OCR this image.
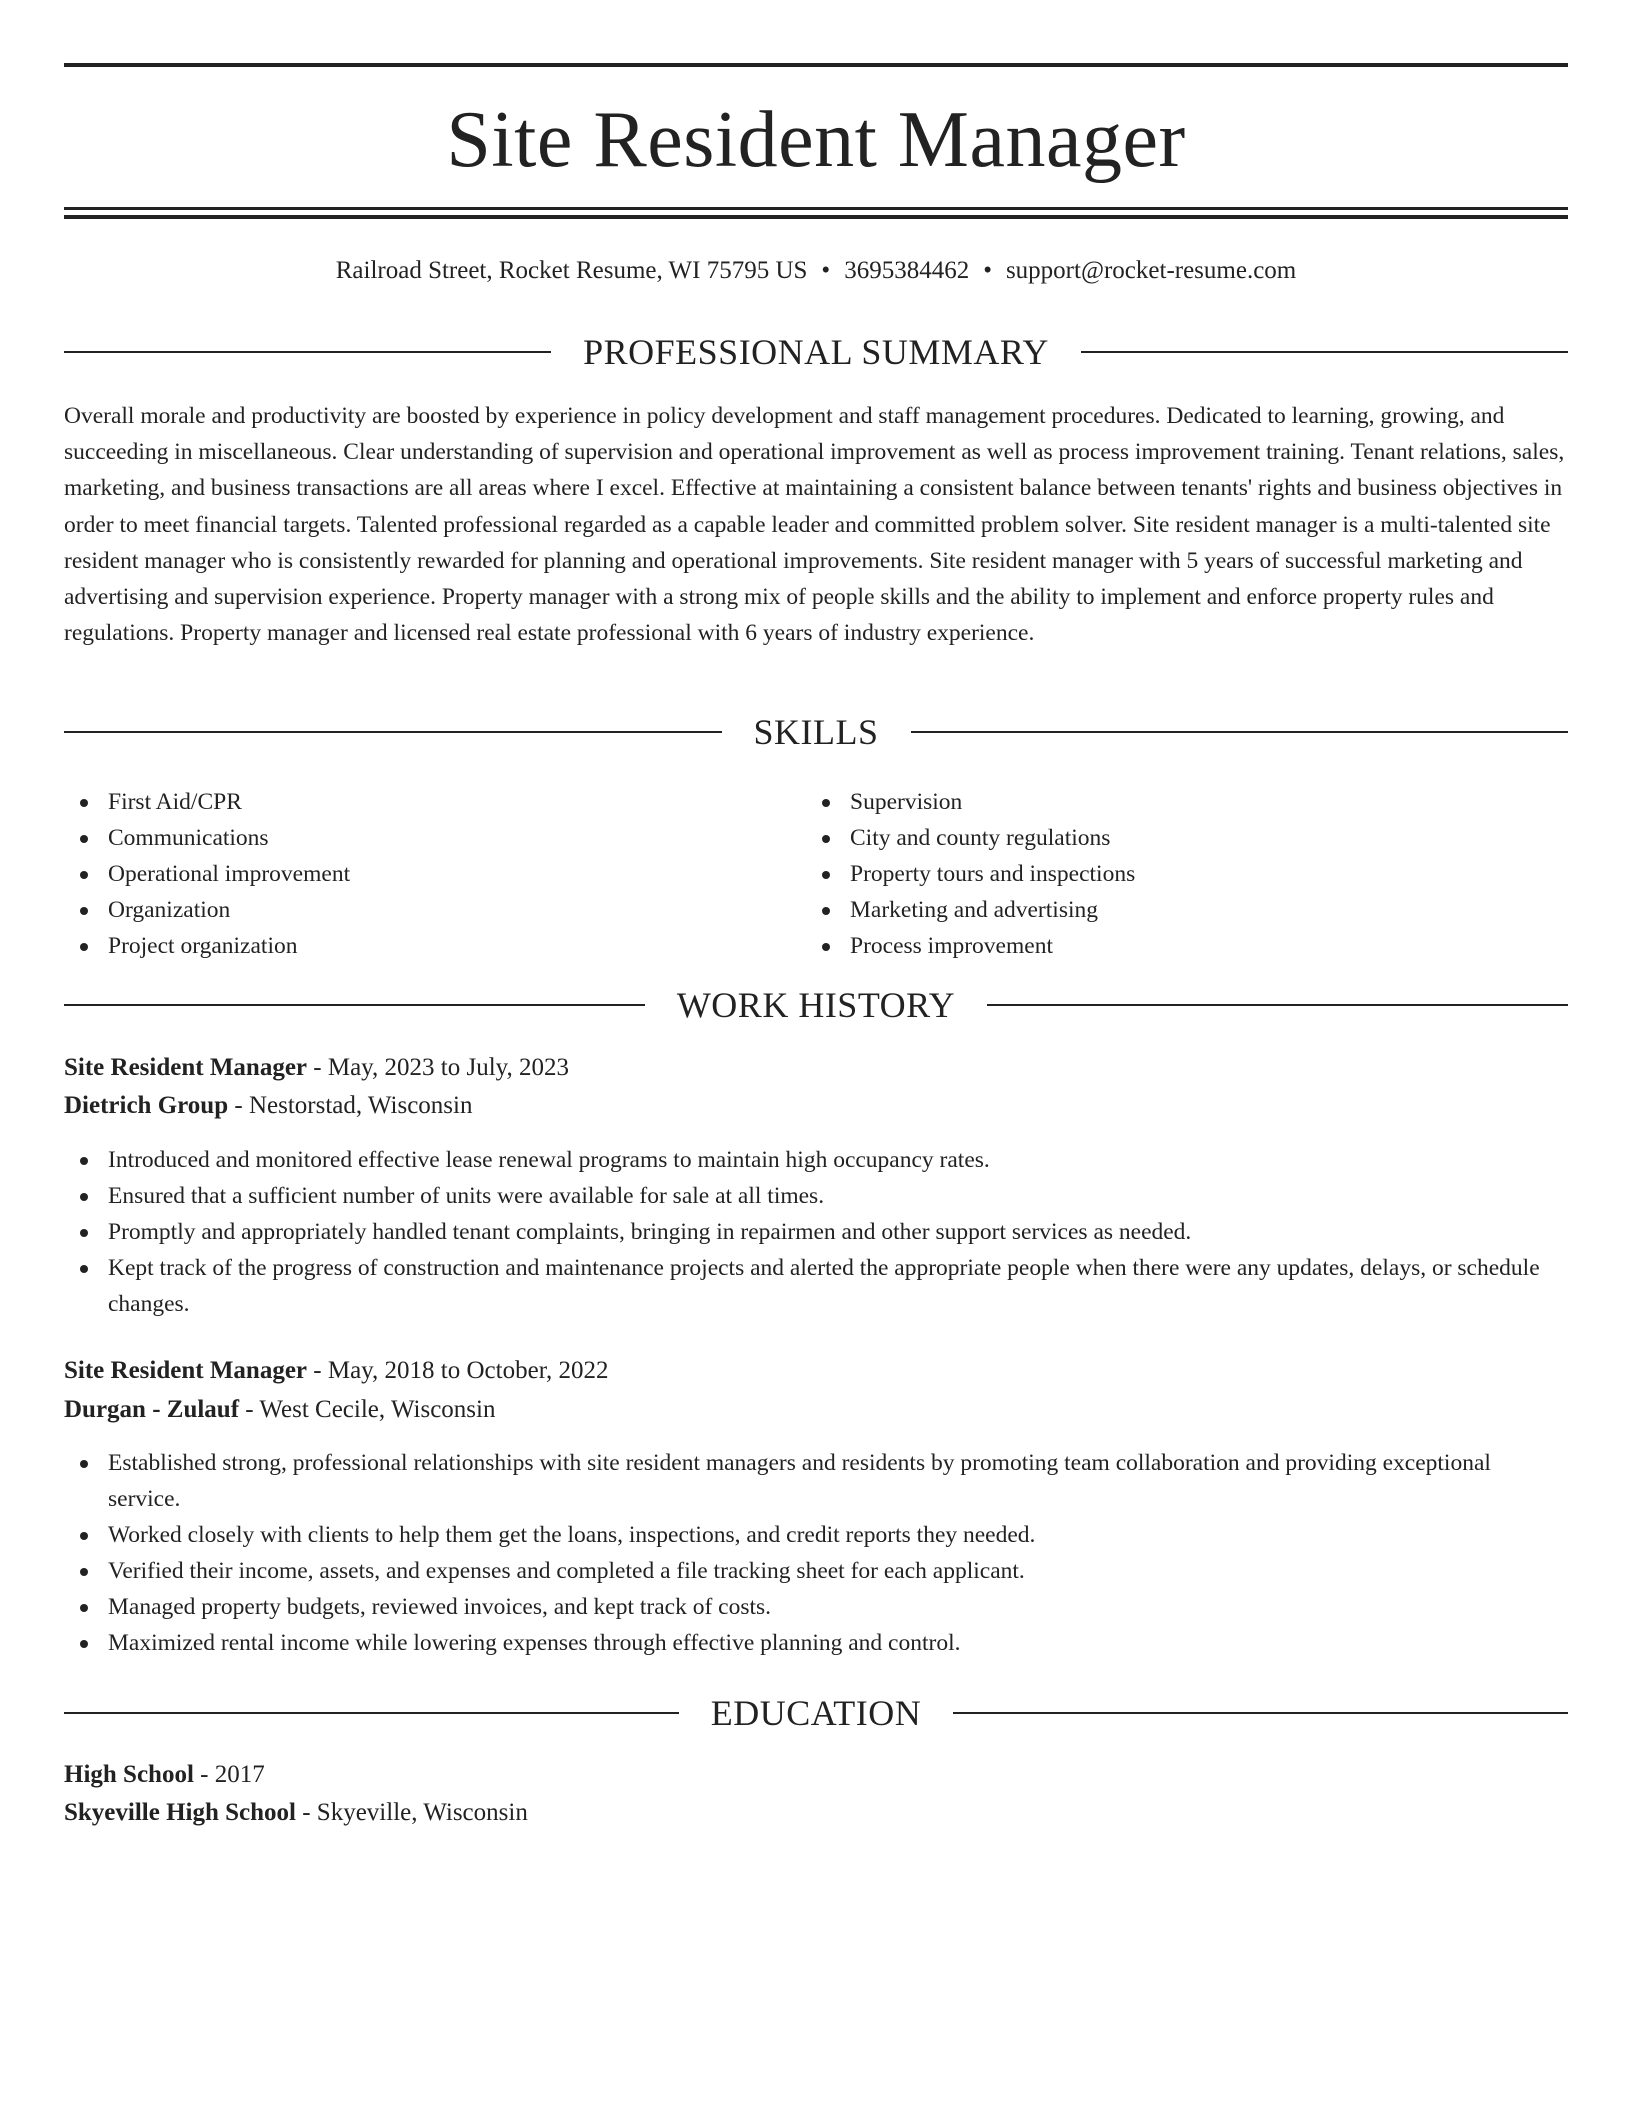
Site Resident Manager
Railroad Street, Rocket Resume, WI 75795 US • 3695384462 • support@rocket-resume.com
PROFESSIONAL SUMMARY

Overall morale and productivity are boosted by experience in policy development and staff management procedures. Dedicated to learning, growing, and succeeding in miscellaneous. Clear understanding of supervision and operational improvement as well as process improvement training. Tenant relations, sales, marketing, and business transactions are all areas where I excel. Effective at maintaining a consistent balance between tenants' rights and business objectives in order to meet financial targets. Talented professional regarded as a capable leader and committed problem solver. Site resident manager is a multi-talented site resident manager who is consistently rewarded for planning and operational improvements. Site resident manager with 5 years of successful marketing and advertising and supervision experience. Property manager with a strong mix of people skills and the ability to implement and enforce property rules and regulations. Property manager and licensed real estate professional with 6 years of industry experience.

SKILLS
First Aid/CPR
Communications
Operational improvement
Organization
Project organization
Supervision
City and county regulations
Property tours and inspections
Marketing and advertising
Process improvement
WORK HISTORY
Site Resident Manager - May, 2023 to July, 2023
Dietrich Group - Nestorstad, Wisconsin
Introduced and monitored effective lease renewal programs to maintain high occupancy rates.
Ensured that a sufficient number of units were available for sale at all times.
Promptly and appropriately handled tenant complaints, bringing in repairmen and other support services as needed.
Kept track of the progress of construction and maintenance projects and alerted the appropriate people when there were any updates, delays, or schedule changes.
Site Resident Manager - May, 2018 to October, 2022
Durgan - Zulauf - West Cecile, Wisconsin
Established strong, professional relationships with site resident managers and residents by promoting team collaboration and providing exceptional service.
Worked closely with clients to help them get the loans, inspections, and credit reports they needed.
Verified their income, assets, and expenses and completed a file tracking sheet for each applicant.
Managed property budgets, reviewed invoices, and kept track of costs.
Maximized rental income while lowering expenses through effective planning and control.
EDUCATION
High School - 2017
Skyeville High School - Skyeville, Wisconsin
